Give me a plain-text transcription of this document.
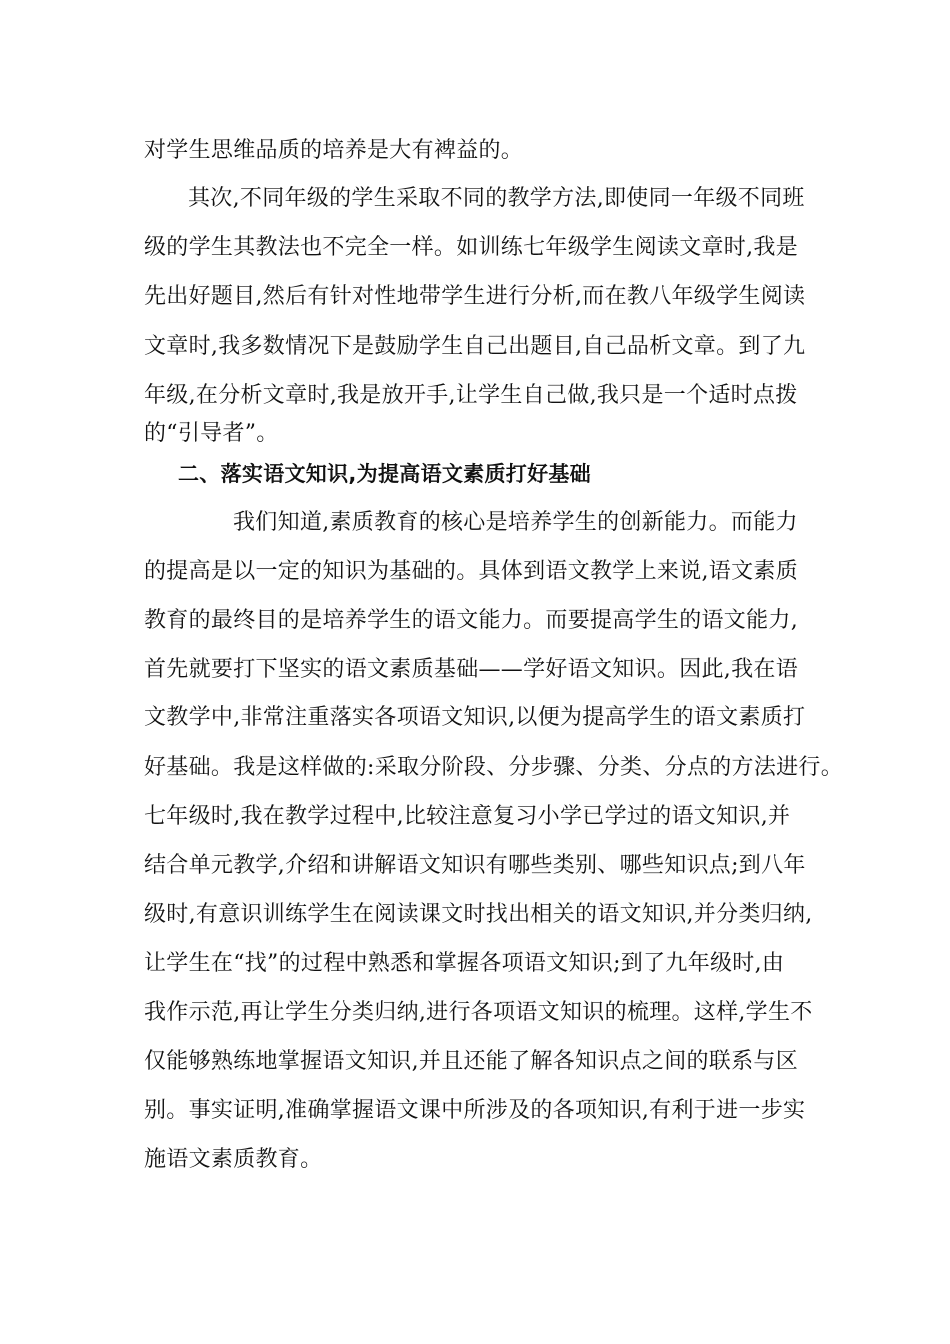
对学生思维品质的培养是大有裨益的。
其次,不同年级的学生采取不同的教学方法,即使同一年级不同班
级的学生其教法也不完全一样。如训练七年级学生阅读文章时,我是
先出好题目,然后有针对性地带学生进行分析,而在教八年级学生阅读
文章时,我多数情况下是鼓励学生自己出题目,自己品析文章。到了九
年级,在分析文章时,我是放开手,让学生自己做,我只是一个适时点拨
的“引导者”。
二、落实语文知识,为提高语文素质打好基础
我们知道,素质教育的核心是培养学生的创新能力。而能力
的提高是以一定的知识为基础的。具体到语文教学上来说,语文素质
教育的最终目的是培养学生的语文能力。而要提高学生的语文能力,
首先就要打下坚实的语文素质基础——学好语文知识。因此,我在语
文教学中,非常注重落实各项语文知识,以便为提高学生的语文素质打
好基础。我是这样做的:采取分阶段、分步骤、分类、分点的方法进行。
七年级时,我在教学过程中,比较注意复习小学已学过的语文知识,并
结合单元教学,介绍和讲解语文知识有哪些类别、哪些知识点;到八年
级时,有意识训练学生在阅读课文时找出相关的语文知识,并分类归纳,
让学生在“找”的过程中熟悉和掌握各项语文知识;到了九年级时,由
我作示范,再让学生分类归纳,进行各项语文知识的梳理。这样,学生不
仅能够熟练地掌握语文知识,并且还能了解各知识点之间的联系与区
别。事实证明,准确掌握语文课中所涉及的各项知识,有利于进一步实
施语文素质教育。
